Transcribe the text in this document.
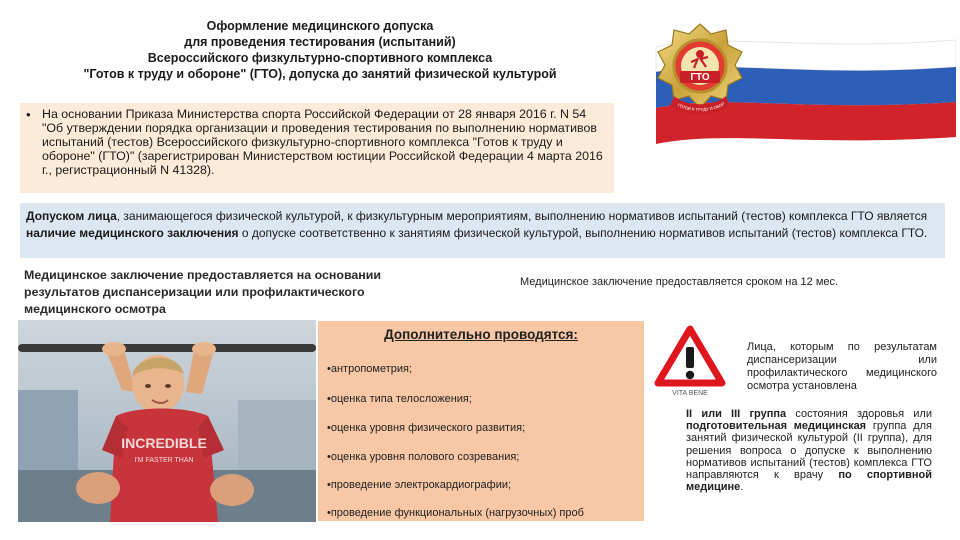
Оформление медицинского допуска
для проведения тестирования (испытаний)
Всероссийского физкультурно-спортивного комплекса
"Готов к труду и обороне" (ГТО), допуска до занятий физической культурой	ГТО
ГОТОВ К ТРУДУ И ОБОР
• На основании Приказа Министерства спорта Российской Федерации от 28 января 2016 г. N 54 "Об утверждении порядка организации и проведения тестирования по выполнению нормативов испытаний (тестов) Всероссийского физкультурно-спортивного комплекса "Готов к труду и обороне" (ГТО)" (зарегистрирован Министерством юстиции Российской Федерации 4 марта 2016 г., регистрационный N 41328).
Допуском лица, занимающегося физической культурой, к физкультурным мероприятиям, выполнению нормативов испытаний (тестов) комплекса ГТО является наличие медицинского заключения о допуске соответственно к занятиям физической культурой, выполнению нормативов испытаний (тестов) комплекса ГТО.
Медицинское заключение предоставляется на основании результатов диспансеризации или профилактического медицинского осмотра
Медицинское заключение предоставляется сроком на 12 мес.
INCREDIBLE
I'M FASTER THAN
Дополнительно проводятся:
•антропометрия;
•оценка типа телосложения;
•оценка уровня физического развития;
•оценка уровня полового созревания;
•проведение электрокардиографии;
•проведение функциональных (нагрузочных) проб
VITA BENE
Лица, которым по результатам диспансеризации или профилактического медицинского осмотра установлена
II или III группа состояния здоровья или подготовительная медицинская группа для занятий физической культурой (II группа), для решения вопроса о допуске к выполнению нормативов испытаний (тестов) комплекса ГТО направляются к врачу по спортивной медицине.
